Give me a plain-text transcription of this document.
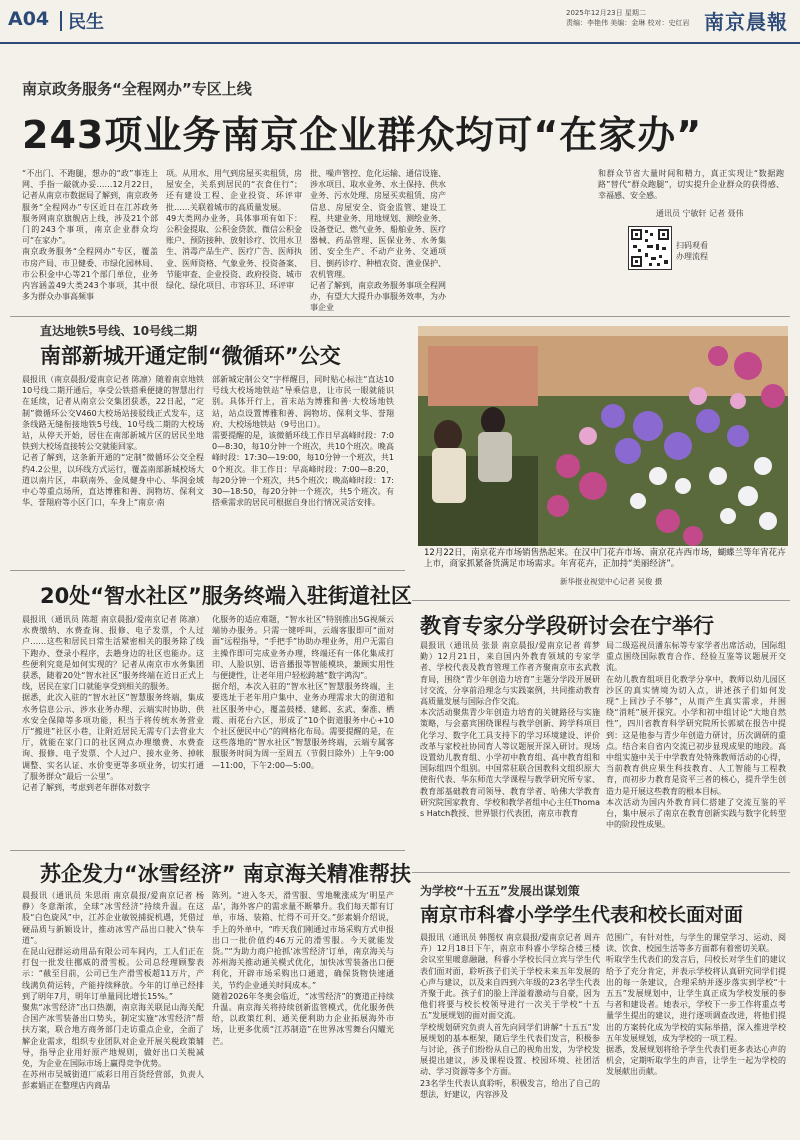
A04 民生	2025年12月23日 星期二
责编：李艳伟 美编：金琳 校对：史红岩 南京晨報
南京政务服务“全程网办”专区上线
243项业务南京企业群众均可“在家办”
“不出门、不跑腿，想办的“政”事连上网、手指一敲就办妥……12月22日，记者从南京市数据局了解到，南京政务服务“全程网办”专区近日在江苏政务服务网南京旗舰店上线，涉及21个部门的243个事项，南京企业群众均可“在家办”。
南京政务服务“全程网办”专区，覆盖市房产局、市卫健委、市绿化园林局、市公积金中心等21个部门单位，业务内容涵盖49大类243个事项，其中很多为群众办事高频事
项。从用水、用气到房屋买卖租赁，房屋安全，关系到居民的“衣食住行”；还有建设工程、企业投资、环评审批……关联着城市的高质量发展。
49大类网办业务，具体事项有如下：公积金提取、公积金贷款、微信公积金账户、预防接种、放射诊疗、饮用水卫生、消毒产品生产、医疗广告、医师执业、医师资格、气象业务、投资备案、节能审查、企业投资、政府投资、城市绿化、绿化项目、市容环卫、环评审
批、噪声管控、危化运输、通信设施、涉水项目、取水业务、水土保持、供水业务、污水处理、房屋买卖租赁、房产信息、房屋安全、资金监管、建设工程、共建业务、用地规划、测绘业务、设备登记、燃气业务、船舶业务、医疗器械、药品管理、医保业务、水务集团、安全生产、不动产业务、交通项目、倒药诊疗、种植农资、渔业保护、农机管理。
记者了解到，南京政务服务事项全程网办，有望大大提升办事服务效率，为办事企业
和群众节省大量时间和精力，真正实现让“数据跑路”替代“群众跑腿”，切实提升企业群众的获得感、幸福感、安全感。
通讯员 宁敏轩 记者 聂伟
扫码观看
办理流程
直达地铁5号线、10号线二期
南部新城开通定制“微循环”公交
晨报讯（南京晨报/爱南京记者 陈凛）随着南京地铁10号线二期开通后，享受公铁搭乘便捷的智慧出行在延续，记者从南京公交集团获悉，22日起，“定制”微循环公交V460大校场站接驳线正式发车，这条线路无缝衔接地铁5号线、10号线二期的大校场站，从停天开始，居住在南部新城片区的居民坐地铁到大校场直接转公交就能回家。
记者了解到，这条新开通的“定制”微循环公交全程约4.2公里，以环线方式运行，覆盖南部新城校场大道以南片区，串联南外、金凤健身中心、华润金域中心等重点场所，直达博雅和善、润物坊、保利文华、誉翔府等小区门口，车身上“南京·南
部新城定制公交”字样醒目，同时贴心标注“直达10号线大校场地铁站”导乘信息，让市民一眼就能识别。具体开行上，首末站为博雅和善·大校场地铁站，站点设置博雅和善、润物坊、保利文华、誉翔府、大校场地铁站（9号出口）。
需要提醒的是，该微循环线工作日早高峰时段：7:00—8:30，每10分钟一个班次，共10个班次。晚高峰时段：17:30—19:00，每10分钟一个班次，共10个班次。非工作日：早高峰时段：7:00—8:20，每20分钟一个班次，共5个班次；晚高峰时段：17:30—18:50，每20分钟一个班次，共5个班次。有搭乘需求的居民可根据自身出行情况灵活安排。
12月22日，南京花卉市场销售热起来。在汉中门花卉市场、南京花卉西市场，蝴蝶兰等年宵花卉上市，商家抓紧备货满足市场需求。年宵花卉，正加持“美丽经济”。
新华报业视觉中心记者 吴俊 摄
20处“智水社区”服务终端入驻街道社区
晨报讯（通讯员 陈超 南京晨报/爱南京记者 陈凛）水费缴纳、水费查询、报修、电子发票，个人过户……这些和居民日常生活紧密相关的服务除了线下跑办、登录小程序，去趟身边的社区也能办。这些便利究竟是如何实现的？记者从南京市水务集团获悉，随着20处“智水社区”服务终端在近日正式上线，居民在家门口就能享受到相关的服务。
据悉，此次入驻的“智水社区”智慧服务终端，集成水务信息公示、涉水业务办理、云端实时协助、供水安全保障等多项功能，积当于将传统水务营业厅“搬进”社区小巷，让附近居民无需专门去营业大厅，就能在家门口的社区网点办理缴费、水费查询、报修、电子发票、个人过户、接水业务、掉帐调整、实名认证、水价变更等多项业务，切实打通了服务群众“最后一公里”。
记者了解到，考虑到老年群体对数字
化服务的适应难题，“智水社区”特别推出5G视频云端协办服务。只需一键呼叫，云端客服即可“面对面”远程指导，“手把手”协助办理业务，用户无需自主操作即可完成业务办理，终端还有一体化集成打印、人脸识别、语音播报等智能模块，兼顾实用性与便捷性，让老年用户轻松跨越“数字鸿沟”。
据介绍，本次入驻的“智水社区”智慧服务终端，主要选址于老年用户集中、业务办理需求大的街道和社区服务中心，覆盖鼓楼、建邺、玄武、秦淮、栖霞、雨花台六区，形成了“10个街道服务中心+10个社区便民中心”的网格化布局。需要提醒的是，在这些落地的“智水社区”智慧服务终端，云端专属客服服务时间为周一至周五（节假日除外）上午9:00—11:00，下午2:00—5:00。
教育专家分学段研讨会在宁举行
晨报讯（通讯员 张景 南京晨报/爱南京记者 蒋梦勤）12月21日，来自国内外教育领域的专家学者、学校代表及教育管理工作者齐聚南京市玄武教育局，围绕“青少年创造力培育”主题分学段开展研讨交流，分享前沿理念与实践案例，共同推动教育高质量发展与国际合作交流。
本次活动聚焦青少年创造力培育的关键路径与实施策略，与会嘉宾围绕课程与教学创新、跨学科项目化学习、数字化工具支持下的学习环境建设、评价改革与家校社协同育人等议题展开深入研讨。现场设置幼儿教育组、小学初中教育组、高中教育组和国际组四个组别。中国常驻联合国教科文组织原大使衔代表、华东师范大学课程与教学研究所专家、教育部基础教育司领导、教育学者、哈佛大学教育研究院国家教育、学校和教学者组中心主任Thomas Hatch教授、世界银行代表团，南京市教育
局二级巡视员潘东标等专家学者出席活动，国际组重点围绕国际教育合作、经验互鉴等议题展开交流。
在幼儿教育组项目化教学分享中，教师以幼儿园区沙区的真实情境为切入点，讲述孩子们如何发现“上回沙子不够”，从而产生真实需求，并围绕“消耗”展开探究。小学和初中组讨论“大地自然性”，四川省教育科学研究院所长郭斌在报告中提到：这是他参与青少年创造力研讨，历次调研的重点。结合来自省内交流已初步显现成果的地段。高中组实施中关于中学教育处特殊教师活动的心得，当前教育供应果生科技教育、人工智能与工程教育，而初步力教育是资平三者的核心，提升学生创造力是开展这些教育的根本目标。
本次活动为国内外教育同仁搭建了交流互鉴的平台，集中展示了南京在教育创新实践与数字化转型中的阶段性成果。
苏企发力“冰雪经济” 南京海关精准帮扶
晨报讯（通讯员 朱思雨 南京晨报/爱南京记者 杨静）冬意渐浓，全球“冰雪经济”持续升温。在这股“白色旋风”中，江苏企业敏锐捕捉机遇，凭借过硬品质与新颖设计，推动冰雪产品出口驶入“快车道”。
在昆山冠群运动用品有限公司车间内，工人们正在打包一批发往挪威的滑雪板。公司总经理顾黎表示：“截至目前，公司已生产滑雪板超11万片，产线满负荷运转，产能持续释放。今年的订单已经排到了明年7月，明年订单量同比增长15%。”
聚焦“冰雪经济”出口热潮，南京海关联昆山海关配合国产冰雪装备出口势头，制定实施“冰雪经济”帮扶方案，联合地方商务部门走访重点企业，全面了解企业需求，组织专业团队对企业开展关税政策辅导，指导企业用好原产地规则，做好出口关税减免，为企业在国际市场上赢得竞争优势。
在苏州市吴城街道厂威彩日用百货经营部，负责人彭素娟正在整理店内商品
陈列。“进入冬天，滑雪服、雪地靴涨成为‘明星产品’，海外客户的需求量不断攀升。我们每天都有订单，市场、装箱、忙得不可开交。”彭素娟介绍说，手上的外单中，“昨天我们刚通过市场采购方式申报出口一批价值约46万元的滑雪服。今天就能发货。”“为助力商户抢抓‘冰雪经济’订单，南京海关与苏州海关推动通关模式优化，加快冰雪装备出口便利化，开辟市场采购出口通道，确保货物快速通关，节约企业通关时间成本。”
随着2026年冬奥会临近，“冰雪经济”的赛道正持续升温。南京海关将持续创新监管模式，优化服务供给，以政策红利、通关便利助力企业拓展海外市场，让更多优质“江苏制造”在世界冰雪舞台闪耀光芒。
为学校“十五五”发展出谋划策
南京市科睿小学学生代表和校长面对面
晨报讯（通讯员 韩图权 南京晨报/爱南京记者 周卉卉）12月18日下午，南京市科睿小学综合楼三楼会议室里暖意融融，科睿小学校长闫立宾与学生代表们面对面，聆听孩子们关于学校未来五年发展的心声与建议，以及来自四到六年级的23名学生代表齐聚于此。孩子们的脸上洋溢着激动与自豪，因为他们将要与校长校领导进行一次关于学校“十五五”发展规划的面对面交流。
学校规划研究负责人首先向同学们讲解“十五五”发展规划的基本框架，随后学生代表们发言，积极参与讨论，孩子们纷纷从自己的视角出发，为学校发展提出建议，涉及课程设置、校园环境、社团活动、学习资源等多个方面。
23名学生代表认真聆听，积极发言，给出了自己的想法，好建议，内容涉及
范围广，有针对性，与学生的课堂学习、运动、阅读、饮食、校园生活等多方面都有着密切关联。
听取学生代表们的发言后，闫校长对学生们的建议给予了充分肯定，并表示学校将认真研究同学们提出的每一条建议，合理采纳并逐步落实到学校“十五五”发展规划中，让学生真正成为学校发展的参与者和建设者。她表示，学校下一步工作将重点考量学生提出的建议，进行逐项调查改进，将他们提出的方案转化成为学校的实际举措，深入推进学校五年发展规划，成为学校的一项工程。
据悉，发展规划将给予学生代表们更多表达心声的机会，定期听取学生的声音，让学生一起为学校的发展献出贡献。
